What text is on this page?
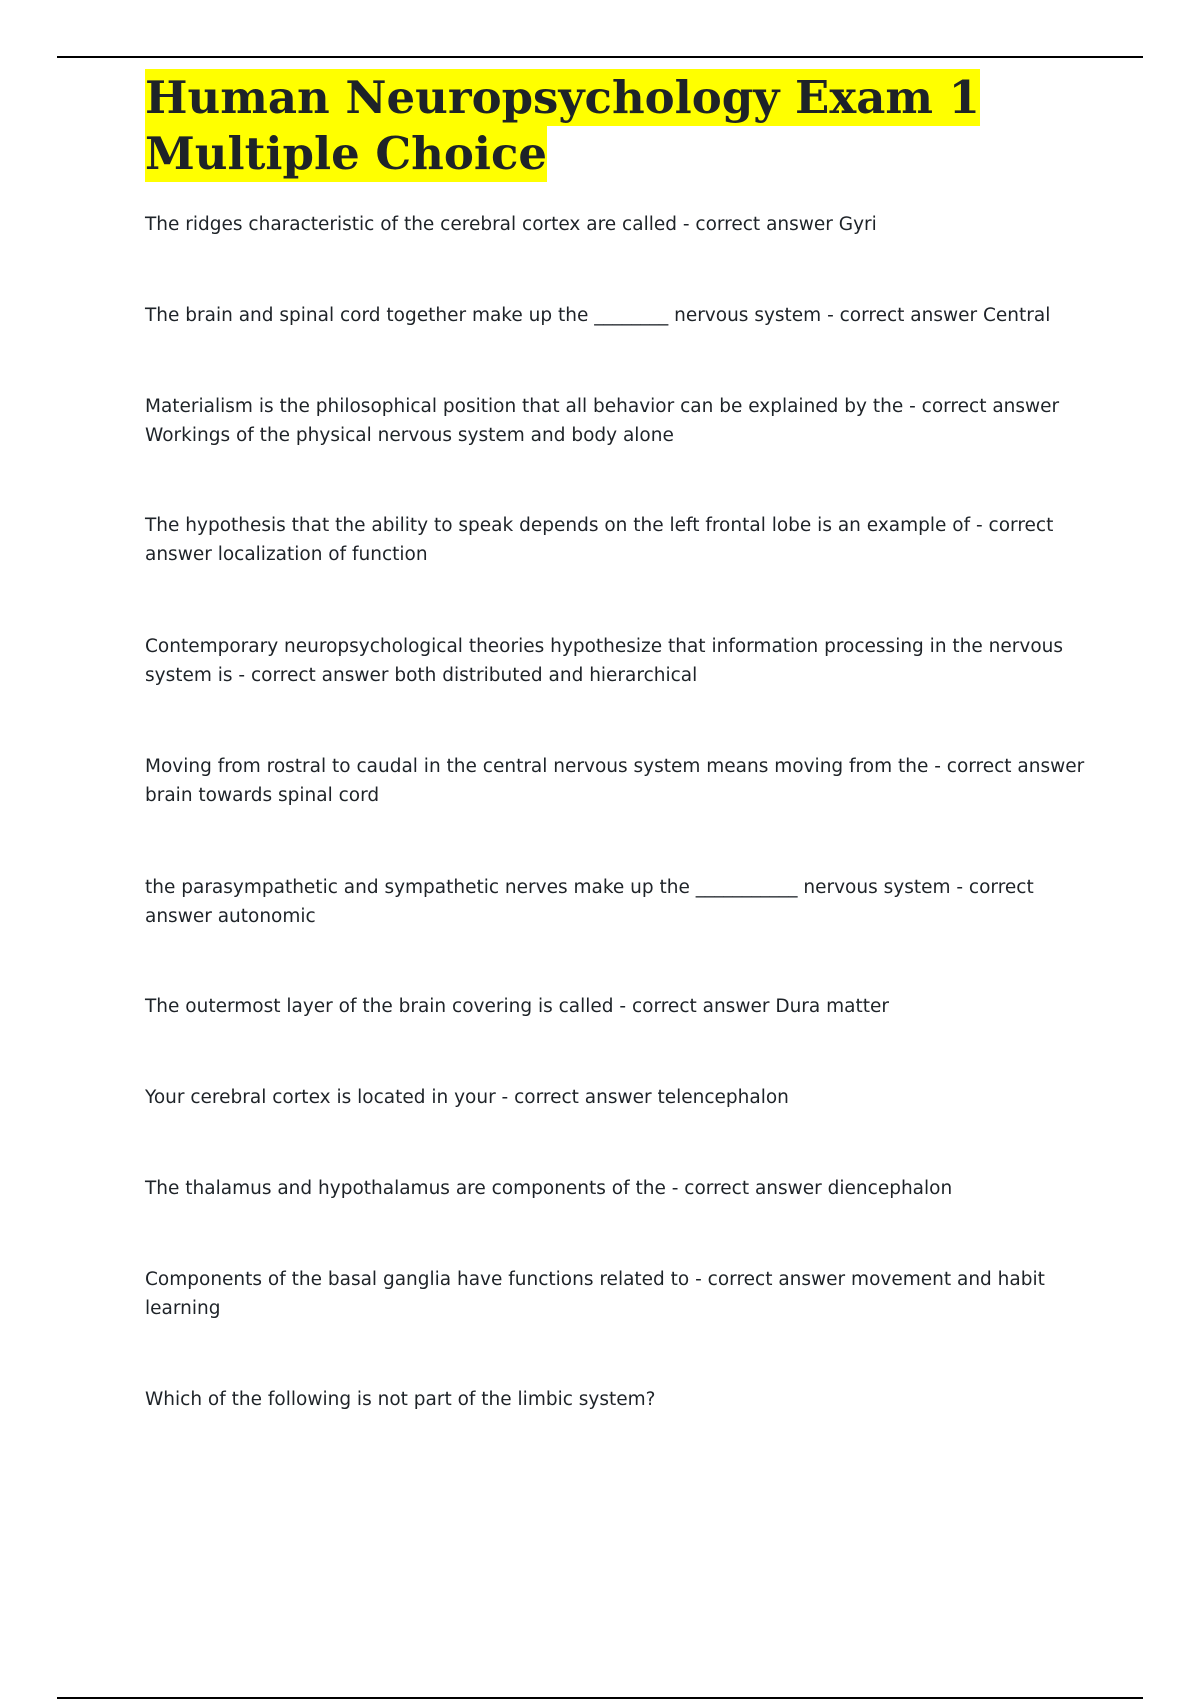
Human Neuropsychology Exam 1 Multiple Choice

The ridges characteristic of the cerebral cortex are called - correct answer Gyri

The brain and spinal cord together make up the ________ nervous system - correct answer Central

Materialism is the philosophical position that all behavior can be explained by the - correct answer Workings of the physical nervous system and body alone

The hypothesis that the ability to speak depends on the left frontal lobe is an example of - correct answer localization of function

Contemporary neuropsychological theories hypothesize that information processing in the nervous system is - correct answer both distributed and hierarchical

Moving from rostral to caudal in the central nervous system means moving from the - correct answer brain towards spinal cord

the parasympathetic and sympathetic nerves make up the ___________ nervous system - correct answer autonomic

The outermost layer of the brain covering is called - correct answer Dura matter

Your cerebral cortex is located in your - correct answer telencephalon

The thalamus and hypothalamus are components of the - correct answer diencephalon

Components of the basal ganglia have functions related to - correct answer movement and habit learning

Which of the following is not part of the limbic system?
